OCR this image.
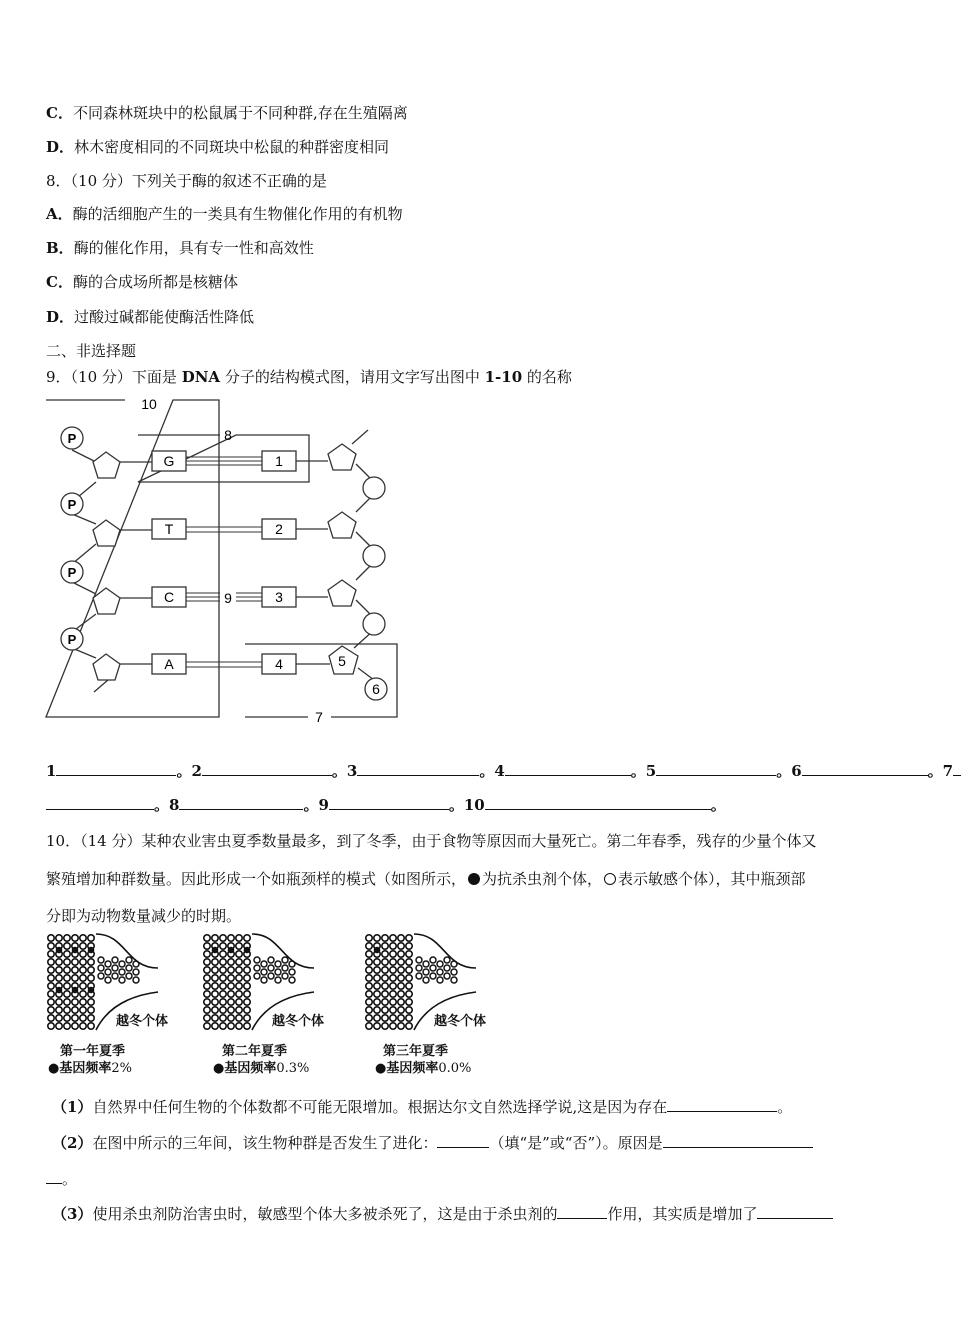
C．不同森林斑块中的松鼠属于不同种群,存在生殖隔离
D．林木密度相同的不同斑块中松鼠的种群密度相同
8．（10 分）下列关于酶的叙述不正确的是
A．酶的活细胞产生的一类具有生物催化作用的有机物
B．酶的催化作用，具有专一性和高效性
C．酶的合成场所都是核糖体
D．过酸过碱都能使酶活性降低
二、非选择题
9．（10 分）下面是 DNA 分子的结构模式图，请用文字写出图中 1-10 的名称
10
8
7
P
P
P
P
9
G
T
C
A
1
2
3
4	5
6
1	。2	。3	。4	。5	。6	。7
。8	。9	。10	。
10．（14 分）某种农业害虫夏季数量最多，到了冬季，由于食物等原因而大量死亡。第二年春季，残存的少量个体又
繁殖增加种群数量。因此形成一个如瓶颈样的模式（如图所示， 为抗杀虫剂个体， 表示敏感个体），其中瓶颈部
分即为动物数量减少的时期。
越冬个体	越冬个体	越冬个体
第一年夏季	第二年夏季	第三年夏季
●基因频率2%	●基因频率0.3%	●基因频率0.0%
（1）自然界中任何生物的个体数都不可能无限增加。根据达尔文自然选择学说,这是因为存在	。
（2）在图中所示的三年间，该生物种群是否发生了进化：	（填“是”或“否”）。原因是
。
（3）使用杀虫剂防治害虫时，敏感型个体大多被杀死了，这是由于杀虫剂的	作用，其实质是增加了
